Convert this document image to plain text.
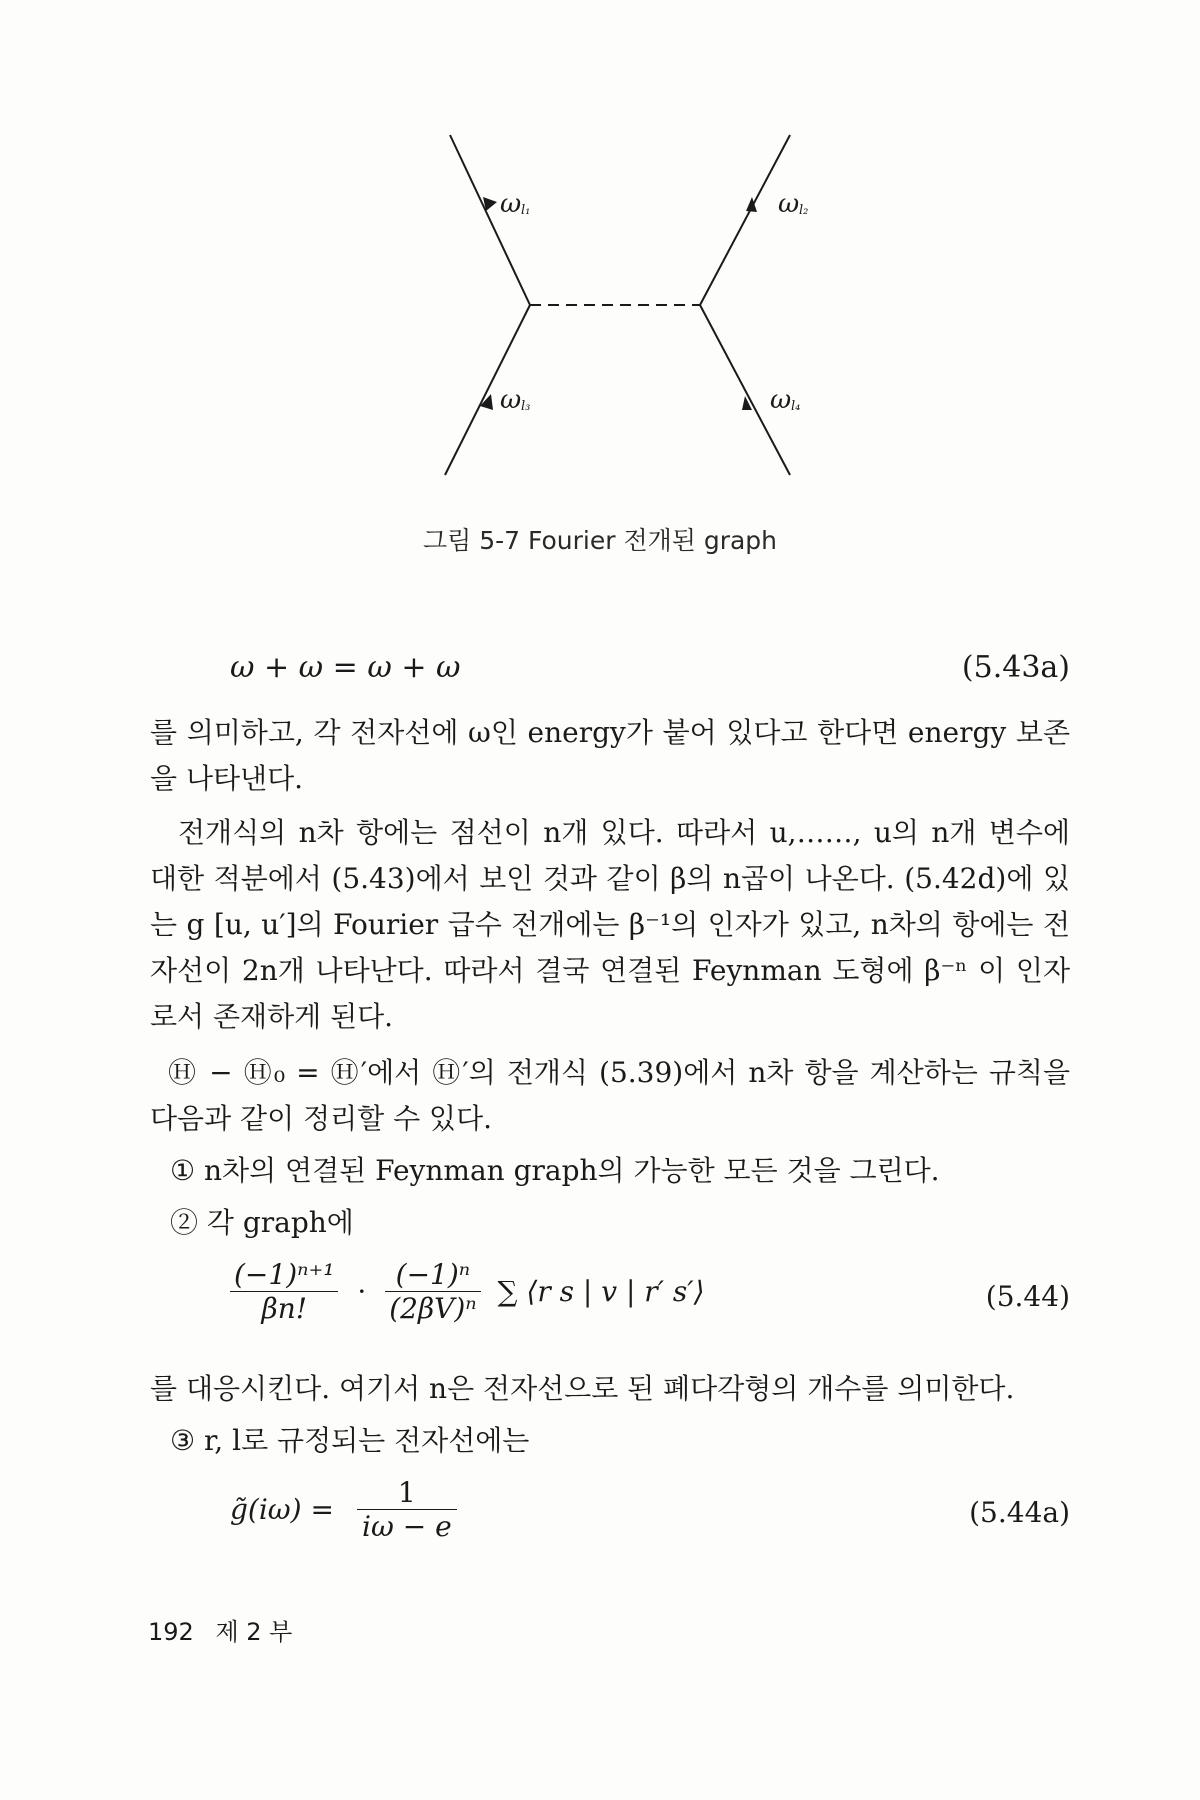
ω	ω
ω	ω
l₁	l₂
l₃	l₄
그림 5-7 Fourier 전개된 graph
ω + ω = ω + ω	(5.43a)
를 의미하고, 각 전자선에 ω인 energy가 붙어 있다고 한다면 energy 보존을 나타낸다.
전개식의 n차 항에는 점선이 n개 있다. 따라서 u,……, u의 n개 변수에 대한 적분에서 (5.43)에서 보인 것과 같이 β의 n곱이 나온다. (5.42d)에 있는 g [u, u′]의 Fourier 급수 전개에는 β⁻¹의 인자가 있고, n차의 항에는 전자선이 2n개 나타난다. 따라서 결국 연결된 Feynman 도형에 β⁻ⁿ 이 인자로서 존재하게 된다.
Ⓗ − Ⓗ₀ = Ⓗ′에서 Ⓗ′의 전개식 (5.39)에서 n차 항을 계산하는 규칙을 다음과 같이 정리할 수 있다.
① n차의 연결된 Feynman graph의 가능한 모든 것을 그린다.
② 각 graph에
$\frac{\text{(−1)ⁿ⁺¹}}{\beta n!} \cdot \frac{\text{(−1)ⁿ}}{\text{(2βV)ⁿ}}$ ∑ ⟨r s | v | r′ s′⟩	(5.44)
를 대응시킨다. 여기서 n은 전자선으로 된 폐다각형의 개수를 의미한다.
③ r, l로 규정되는 전자선에는
g̃(iω) = $\frac{1}{i\omega - e}$	(5.44a)
192 제 2 부
